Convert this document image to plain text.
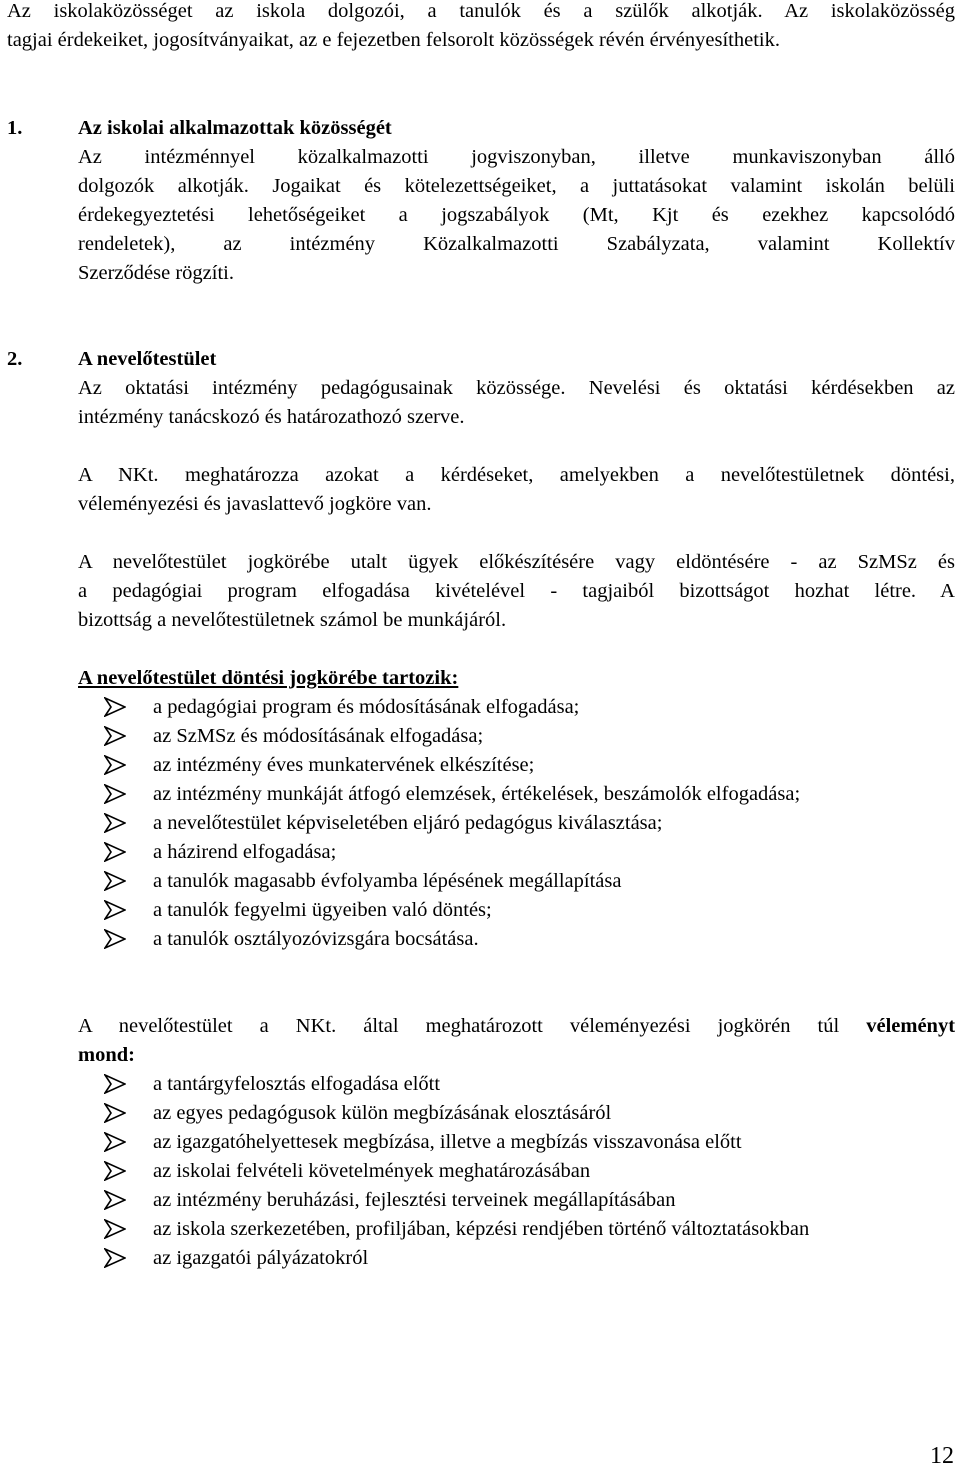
Az iskolaközösséget az iskola dolgozói, a tanulók és a szülők alkotják. Az iskolaközösség
tagjai érdekeiket, jogosítványaikat, az e fejezetben felsorolt közösségek révén érvényesíthetik.
1.	Az iskolai alkalmazottak közösségét
Az intézménnyel közalkalmazotti jogviszonyban, illetve munkaviszonyban álló
dolgozók alkotják. Jogaikat és kötelezettségeiket, a juttatásokat valamint iskolán belüli
érdekegyeztetési lehetőségeiket a jogszabályok (Mt, Kjt és ezekhez kapcsolódó
rendeletek), az intézmény Közalkalmazotti Szabályzata, valamint Kollektív
Szerződése rögzíti.
2.	A nevelőtestület
Az oktatási intézmény pedagógusainak közössége. Nevelési és oktatási kérdésekben az
intézmény tanácskozó és határozathozó szerve.
A NKt. meghatározza azokat a kérdéseket, amelyekben a nevelőtestületnek döntési,
véleményezési és javaslattevő jogköre van.
A nevelőtestület jogkörébe utalt ügyek előkészítésére vagy eldöntésére - az SzMSz és
a pedagógiai program elfogadása kivételével - tagjaiból bizottságot hozhat létre. A
bizottság a nevelőtestületnek számol be munkájáról.
A nevelőtestület döntési jogkörébe tartozik:
a pedagógiai program és módosításának elfogadása;
az SzMSz és módosításának elfogadása;
az intézmény éves munkatervének elkészítése;
az intézmény munkáját átfogó elemzések, értékelések, beszámolók elfogadása;
a nevelőtestület képviseletében eljáró pedagógus kiválasztása;
a házirend elfogadása;
a tanulók magasabb évfolyamba lépésének megállapítása
a tanulók fegyelmi ügyeiben való döntés;
a tanulók osztályozóvizsgára bocsátása.
A nevelőtestület a NKt. által meghatározott véleményezési jogkörén túl véleményt
mond:
a tantárgyfelosztás elfogadása előtt
az egyes pedagógusok külön megbízásának elosztásáról
az igazgatóhelyettesek megbízása, illetve a megbízás visszavonása előtt
az iskolai felvételi követelmények meghatározásában
az intézmény beruházási, fejlesztési terveinek megállapításában
az iskola szerkezetében, profiljában, képzési rendjében történő változtatásokban
az igazgatói pályázatokról
12
